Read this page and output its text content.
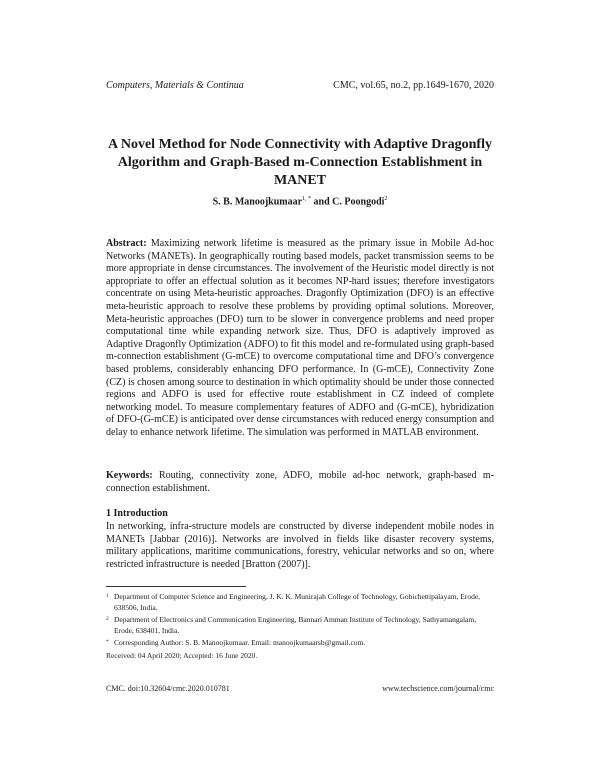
Computers, Materials & Continua	CMC, vol.65, no.2, pp.1649-1670, 2020
A Novel Method for Node Connectivity with Adaptive Dragonfly
Algorithm and Graph-Based m-Connection Establishment in
MANET
S. B. Manoojkumaar$^{1, *}$ and C. Poongodi$^2$
Abstract: Maximizing network lifetime is measured as the primary issue in Mobile Ad-hoc Networks (MANETs). In geographically routing based models, packet transmission seems to be more appropriate in dense circumstances. The involvement of the Heuristic model directly is not appropriate to offer an effectual solution as it becomes NP-hard issues; therefore investigators concentrate on using Meta-heuristic approaches. Dragonfly Optimization (DFO) is an effective meta-heuristic approach to resolve these problems by providing optimal solutions. Moreover, Meta-heuristic approaches (DFO) turn to be slower in convergence problems and need proper computational time while expanding network size. Thus, DFO is adaptively improved as Adaptive Dragonfly Optimization (ADFO) to fit this model and re-formulated using graph-based m-connection establishment (G-mCE) to overcome computational time and DFO’s convergence based problems, considerably enhancing DFO performance. In (G-mCE), Connectivity Zone (CZ) is chosen among source to destination in which optimality should be under those connected regions and ADFO is used for effective route establishment in CZ indeed of complete networking model. To measure complementary features of ADFO and (G-mCE), hybridization of DFO-(G-mCE) is anticipated over dense circumstances with reduced energy consumption and delay to enhance network lifetime. The simulation was performed in MATLAB environment.
Keywords: Routing, connectivity zone, ADFO, mobile ad-hoc network, graph-based m-connection establishment.
1 Introduction
In networking, infra-structure models are constructed by diverse independent mobile nodes in MANETs [Jabbar (2016)]. Networks are involved in fields like disaster recovery systems, military applications, maritime communications, forestry, vehicular networks and so on, where restricted infrastructure is needed [Bratton (2007)].
1 Department of Computer Science and Engineering, J. K. K. Munirajah College of Technology, Gobichettipalayam, Erode, 638506, India.
2 Department of Electronics and Communication Engineering, Bannari Amman Institute of Technology, Sathyamangalam, Erode, 638401, India.
* Corresponding Author: S. B. Manoojkumaar. Email: manoojkumaarsb@gmail.com.
Received: 04 April 2020; Accepted: 16 June 2020.
CMC. doi:10.32604/cmc.2020.010781	www.techscience.com/journal/cmc
